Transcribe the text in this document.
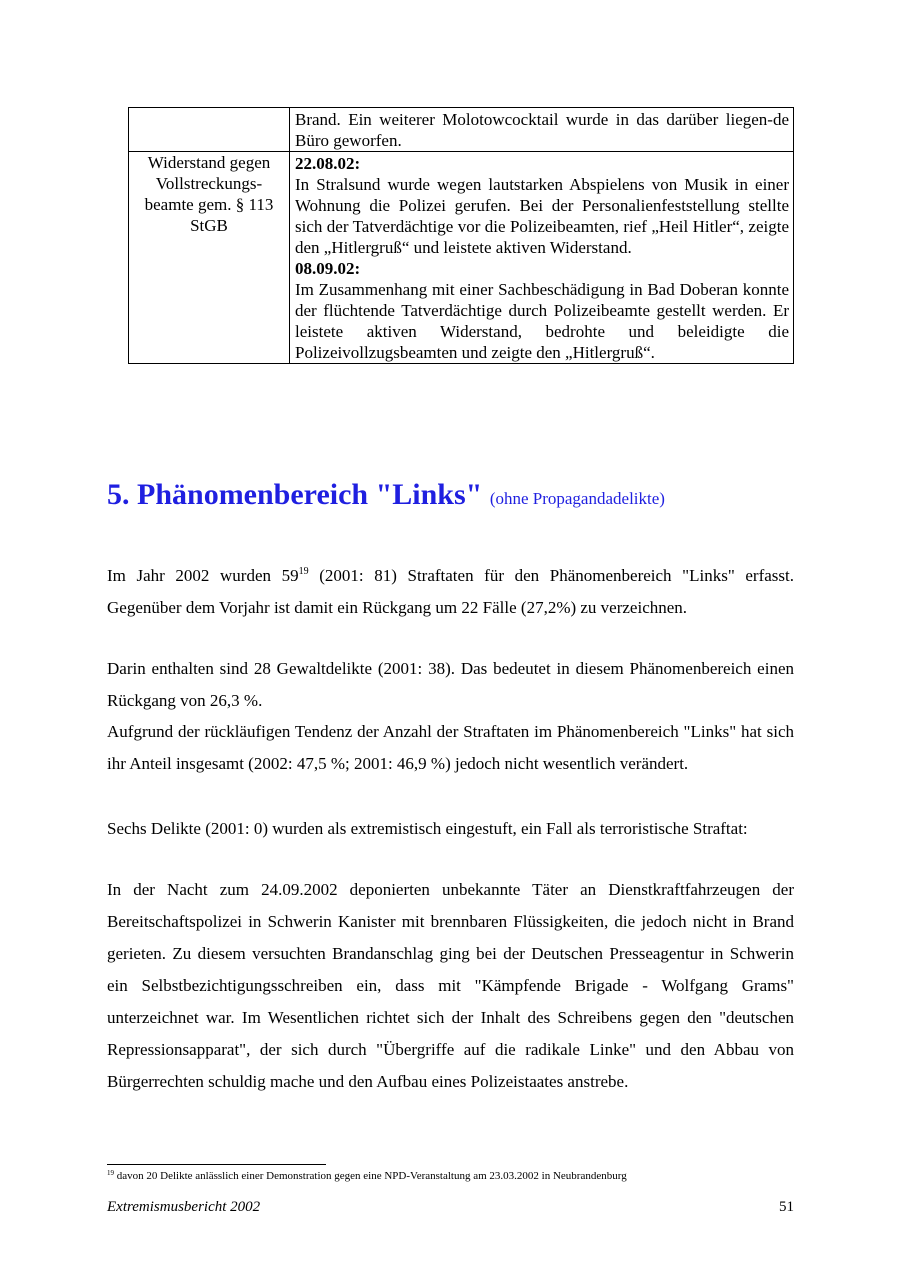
	Brand. Ein weiterer Molotowcocktail wurde in das darüber liegen-de Büro geworfen.

Widerstand gegen Vollstreckungs-beamte gem. § 113 StGB	22.08.02:
In Stralsund wurde wegen lautstarken Abspielens von Musik in einer Wohnung die Polizei gerufen. Bei der Personalienfeststellung stellte sich der Tatverdächtige vor die Polizeibeamten, rief „Heil Hitler“, zeigte den „Hitlergruß“ und leistete aktiven Widerstand.
08.09.02:
Im Zusammenhang mit einer Sachbeschädigung in Bad Doberan konnte der flüchtende Tatverdächtige durch Polizeibeamte gestellt werden. Er leistete aktiven Widerstand, bedrohte und beleidigte die Polizeivollzugsbeamten und zeigte den „Hitlergruß“.
5. Phänomenbereich "Links" (ohne Propagandadelikte)

Im Jahr 2002 wurden $59^{19}$ (2001: 81) Straftaten für den Phänomenbereich "Links" erfasst. Gegenüber dem Vorjahr ist damit ein Rückgang um 22 Fälle (27,2%) zu verzeichnen.

Darin enthalten sind 28 Gewaltdelikte (2001: 38). Das bedeutet in diesem Phänomenbereich einen Rückgang von 26,3 %.

Aufgrund der rückläufigen Tendenz der Anzahl der Straftaten im Phänomenbereich "Links" hat sich ihr Anteil insgesamt (2002: 47,5 %; 2001: 46,9 %) jedoch nicht wesentlich verändert.

Sechs Delikte (2001: 0) wurden als extremistisch eingestuft, ein Fall als terroristische Straftat:

In der Nacht zum 24.09.2002 deponierten unbekannte Täter an Dienstkraftfahrzeugen der Bereitschaftspolizei in Schwerin Kanister mit brennbaren Flüssigkeiten, die jedoch nicht in Brand gerieten. Zu diesem versuchten Brandanschlag ging bei der Deutschen Presseagentur in Schwerin ein Selbstbezichtigungsschreiben ein, dass mit "Kämpfende Brigade - Wolfgang Grams" unterzeichnet war. Im Wesentlichen richtet sich der Inhalt des Schreibens gegen den "deutschen Repressionsapparat", der sich durch "Übergriffe auf die radikale Linke" und den Abbau von Bürgerrechten schuldig mache und den Aufbau eines Polizeistaates anstrebe.

$^{19}$ davon 20 Delikte anlässlich einer Demonstration gegen eine NPD-Veranstaltung am 23.03.2002 in Neubrandenburg

Extremismusbericht 2002	51
